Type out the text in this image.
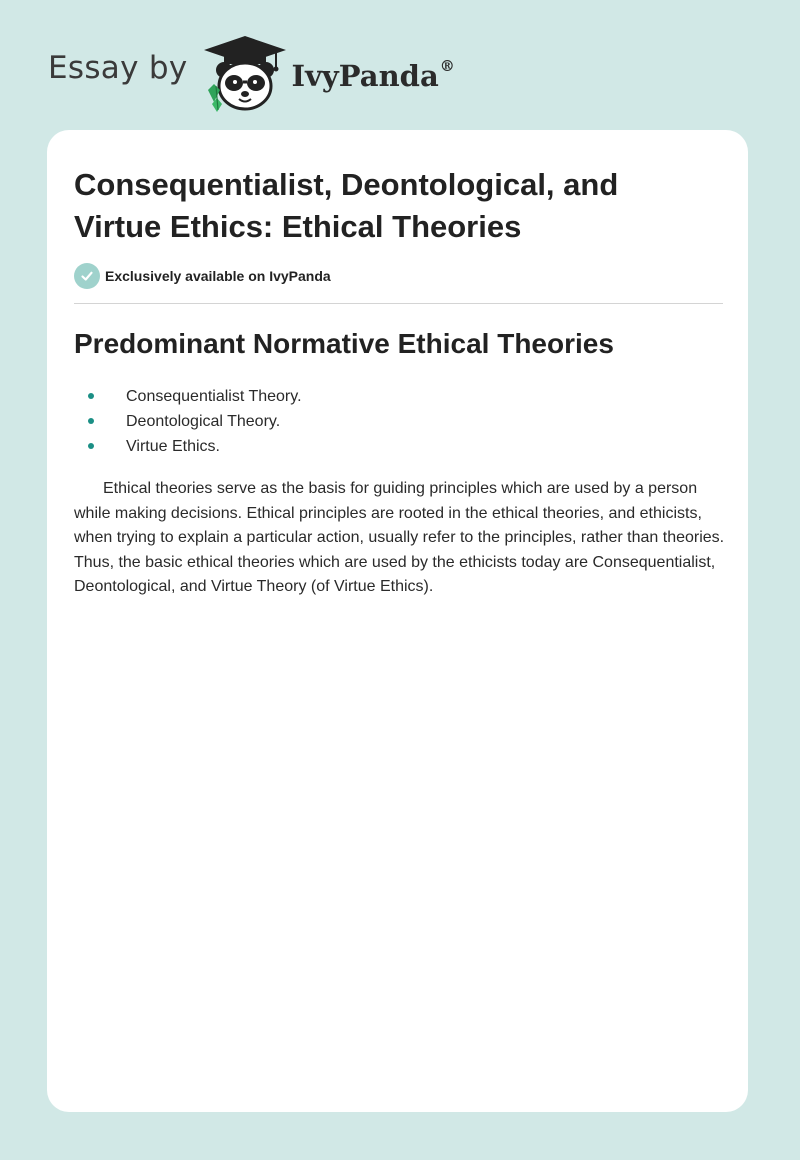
Essay by	IvyPanda®
Consequentialist, Deontological, and Virtue Ethics: Ethical Theories
Exclusively available on IvyPanda
Predominant Normative Ethical Theories
Consequentialist Theory.
Deontological Theory.
Virtue Ethics.

Ethical theories serve as the basis for guiding principles which are used by a person while making decisions. Ethical principles are rooted in the ethical theories, and ethicists, when trying to explain a particular action, usually refer to the principles, rather than theories. Thus, the basic ethical theories which are used by the ethicists today are Consequentialist, Deontological, and Virtue Theory (of Virtue Ethics).
